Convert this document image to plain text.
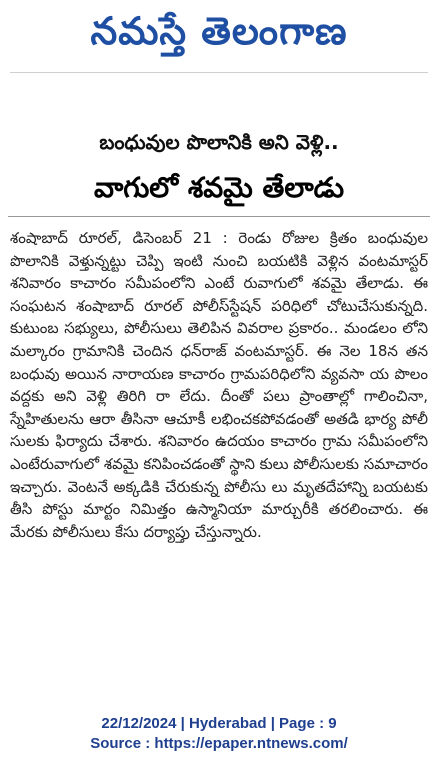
నమస్తే తెలంగాణ
బంధువుల పొలానికి అని వెళ్లి..
వాగులో శవమై తేలాడు
శంషాబాద్ రూరల్, డిసెంబర్ 21 : రెండు రోజుల క్రితం బంధువుల పొలానికి వెళ్తున్నట్టు చెప్పి ఇంటి నుంచి బయటికి వెళ్లిన వంటమాస్టర్ శనివారం కాచారం సమీపంలోని ఎంటే రువాగులో శవమై తేలాడు. ఈ సంఘటన శంషాబాద్ రూరల్ పోలీస్‌స్టేషన్ పరిధిలో చోటుచేసుకున్నది. కుటుంబ సభ్యులు, పోలీసులు తెలిపిన వివరాల ప్రకారం.. మండలం లోని మల్కారం గ్రామానికి చెందిన ధన్‌రాజ్ వంటమాస్టర్. ఈ నెల 18న తన బంధువు అయిన నారాయణ కాచారం గ్రామపరిధిలోని వ్యవసా య పొలం వద్దకు అని వెళ్లి తిరిగి రా లేదు. దీంతో పలు ప్రాంతాల్లో గాలించినా, స్నేహితులను ఆరా తీసినా ఆచూకీ లభించకపోవడంతో అతడి భార్య పోలీ సులకు ఫిర్యాదు చేశారు. శనివారం ఉదయం కాచారం గ్రామ సమీపంలోని ఎంటేరువాగులో శవమై కనిపించడంతో స్థాని కులు పోలీసులకు సమాచారం ఇచ్చారు. వెంటనే అక్కడికి చేరుకున్న పోలీసు లు మృతదేహాన్ని బయటకు తీసి పోస్టు మార్టం నిమిత్తం ఉస్మానియా మార్చురీకి తరలించారు. ఈ మేరకు పోలీసులు కేసు దర్యాప్తు చేస్తున్నారు.
22/12/2024 | Hyderabad | Page : 9
Source : https://epaper.ntnews.com/
